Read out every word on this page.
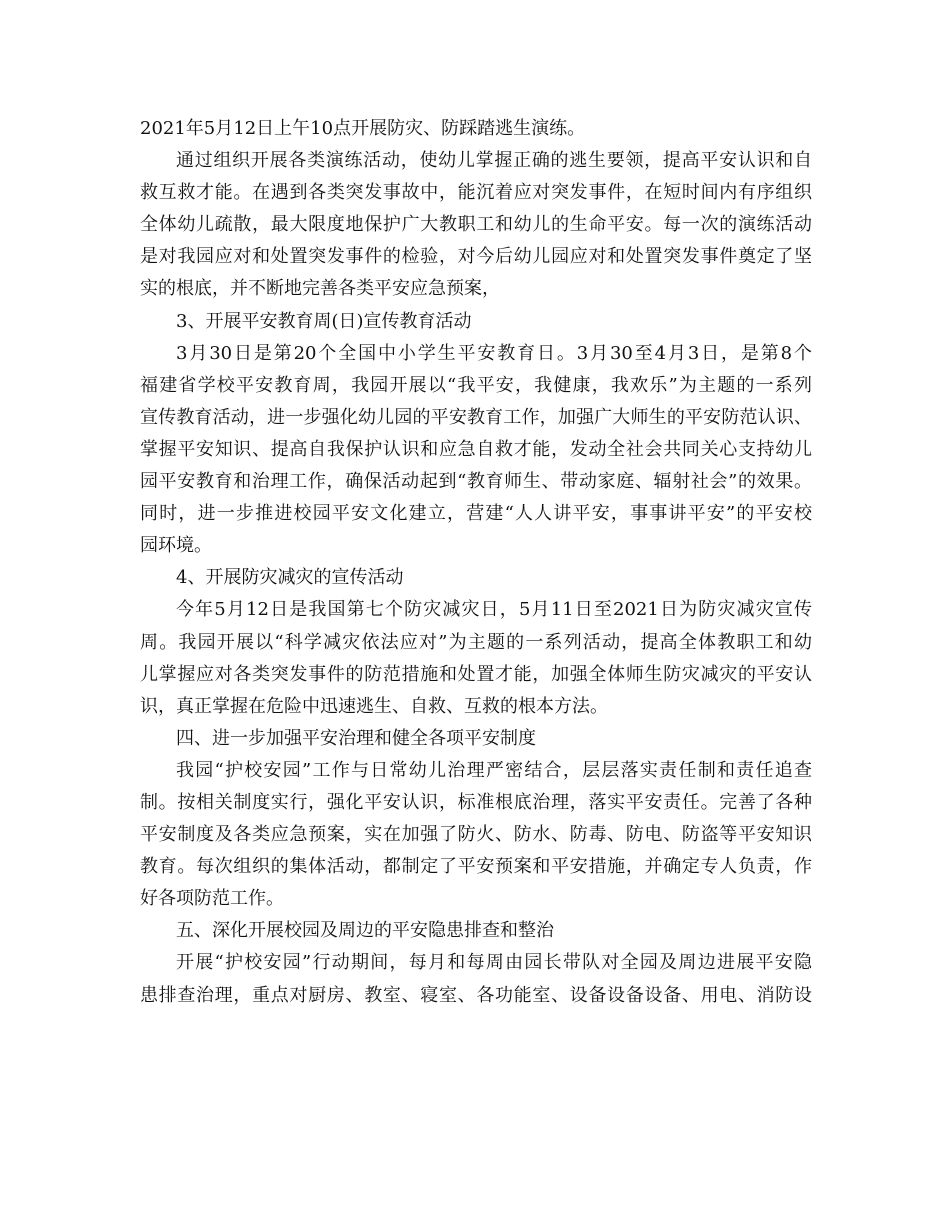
2021年5月12日上午10点开展防灾、防踩踏逃生演练。
通过组织开展各类演练活动，使幼儿掌握正确的逃生要领，提高平安认识和自
救互救才能。在遇到各类突发事故中，能沉着应对突发事件，在短时间内有序组织
全体幼儿疏散，最大限度地保护广大教职工和幼儿的生命平安。每一次的演练活动
是对我园应对和处置突发事件的检验，对今后幼儿园应对和处置突发事件奠定了坚
实的根底，并不断地完善各类平安应急预案，
3、开展平安教育周(日)宣传教育活动
3月30日是第20个全国中小学生平安教育日。3月30至4月3日，是第8个
福建省学校平安教育周，我园开展以“我平安，我健康，我欢乐”为主题的一系列
宣传教育活动，进一步强化幼儿园的平安教育工作，加强广大师生的平安防范认识、
掌握平安知识、提高自我保护认识和应急自救才能，发动全社会共同关心支持幼儿
园平安教育和治理工作，确保活动起到“教育师生、带动家庭、辐射社会”的效果。
同时，进一步推进校园平安文化建立，营建“人人讲平安，事事讲平安”的平安校
园环境。
4、开展防灾减灾的宣传活动
今年5月12日是我国第七个防灾减灾日，5月11日至2021日为防灾减灾宣传
周。我园开展以“科学减灾依法应对”为主题的一系列活动，提高全体教职工和幼
儿掌握应对各类突发事件的防范措施和处置才能，加强全体师生防灾减灾的平安认
识，真正掌握在危险中迅速逃生、自救、互救的根本方法。
四、进一步加强平安治理和健全各项平安制度
我园“护校安园”工作与日常幼儿治理严密结合，层层落实责任制和责任追查
制。按相关制度实行，强化平安认识，标准根底治理，落实平安责任。完善了各种
平安制度及各类应急预案，实在加强了防火、防水、防毒、防电、防盗等平安知识
教育。每次组织的集体活动，都制定了平安预案和平安措施，并确定专人负责，作
好各项防范工作。
五、深化开展校园及周边的平安隐患排查和整治
开展“护校安园”行动期间，每月和每周由园长带队对全园及周边进展平安隐
患排查治理，重点对厨房、教室、寝室、各功能室、设备设备设备、用电、消防设
